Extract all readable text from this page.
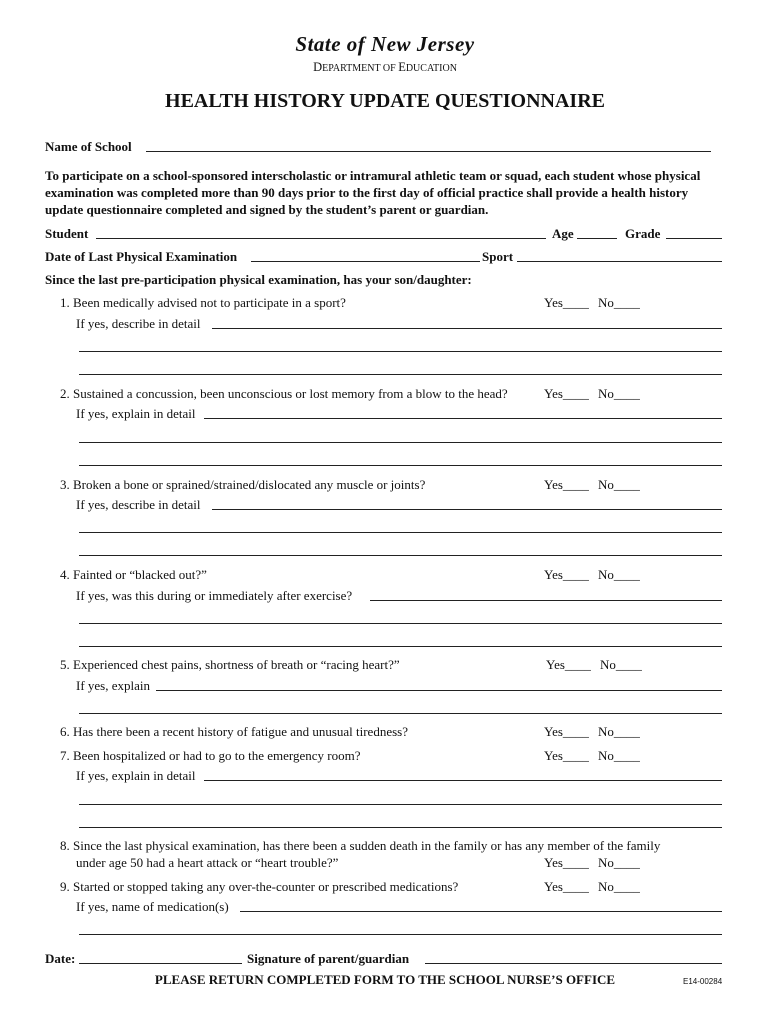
State of New Jersey
DEPARTMENT OF EDUCATION
HEALTH HISTORY UPDATE QUESTIONNAIRE
Name of School
To participate on a school-sponsored interscholastic or intramural athletic team or squad, each student whose physical examination was completed more than 90 days prior to the first day of official practice shall provide a health history update questionnaire completed and signed by the student’s parent or guardian.
Student	Age	Grade
Date of Last Physical Examination	Sport
Since the last pre-participation physical examination, has your son/daughter:
1. Been medically advised not to participate in a sport?	Yes____ No____
If yes, describe in detail
2. Sustained a concussion, been unconscious or lost memory from a blow to the head?	Yes____ No____
If yes, explain in detail
3. Broken a bone or sprained/strained/dislocated any muscle or joints?	Yes____ No____
If yes, describe in detail
4. Fainted or “blacked out?”	Yes____ No____
If yes, was this during or immediately after exercise?
5. Experienced chest pains, shortness of breath or “racing heart?”	Yes____ No____
If yes, explain
6. Has there been a recent history of fatigue and unusual tiredness?	Yes____ No____
7. Been hospitalized or had to go to the emergency room?	Yes____ No____
If yes, explain in detail
8. Since the last physical examination, has there been a sudden death in the family or has any member of the family
under age 50 had a heart attack or “heart trouble?”	Yes____ No____
9. Started or stopped taking any over-the-counter or prescribed medications?	Yes____ No____
If yes, name of medication(s)
Date:	Signature of parent/guardian
PLEASE RETURN COMPLETED FORM TO THE SCHOOL NURSE’S OFFICE	E14-00284
